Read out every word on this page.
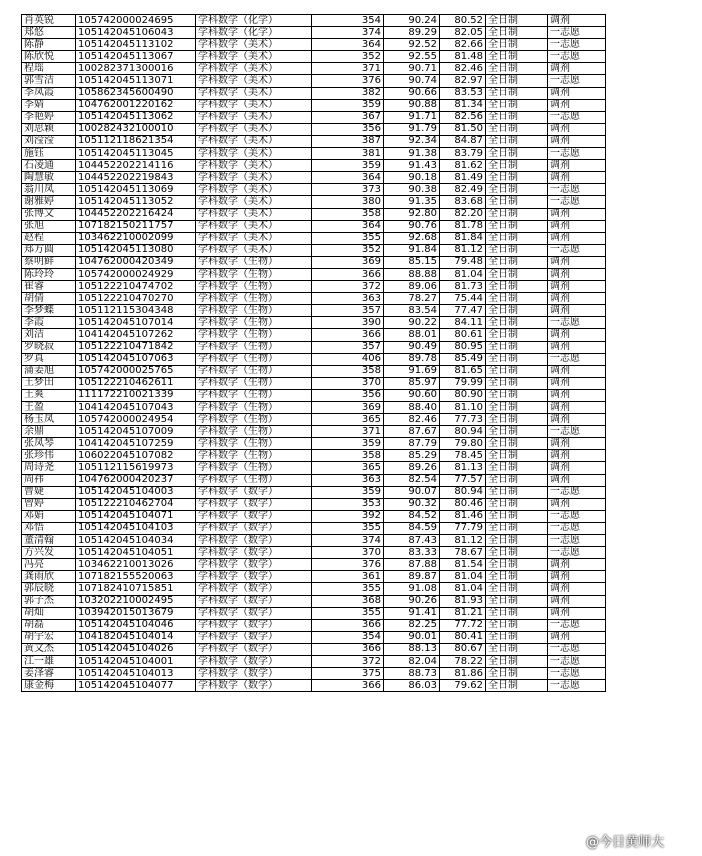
肖英锐	105742000024695	学科数学（化学）	354	90.24	80.52	全日制	调剂	
郑悠	105142045106043	学科数学（化学）	374	89.29	82.05	全日制	一志愿	
陈静	105142045113102	学科数学（美术）	364	92.52	82.66	全日制	一志愿	
陈欣悦	105142045113067	学科数学（美术）	352	92.55	81.48	全日制	一志愿	
程瑶	100282371300016	学科数学（美术）	371	90.71	82.46	全日制	调剂	
郭雪洁	105142045113071	学科数学（美术）	376	90.74	82.97	全日制	一志愿	
李凤霞	105862345600490	学科数学（美术）	382	90.66	83.53	全日制	调剂	
李婧	104762001220162	学科数学（美术）	359	90.88	81.34	全日制	调剂	
李艳婷	105142045113062	学科数学（美术）	367	91.71	82.56	全日制	一志愿	
刘思颖	100282432100010	学科数学（美术）	356	91.79	81.50	全日制	调剂	
刘滢滢	105112118621354	学科数学（美术）	387	92.34	84.87	全日制	调剂	
施钰	105142045113045	学科数学（美术）	381	91.38	83.79	全日制	一志愿	
石凌通	104452202214116	学科数学（美术）	359	91.43	81.62	全日制	调剂	
陶慧敏	104452202219843	学科数学（美术）	364	90.18	81.49	全日制	调剂	
翁川凤	105142045113069	学科数学（美术）	373	90.38	82.49	全日制	一志愿	
谢雅婷	105142045113052	学科数学（美术）	380	91.35	83.68	全日制	一志愿	
张博文	104452202216424	学科数学（美术）	358	92.80	82.20	全日制	调剂	
张旭	107182150211757	学科数学（美术）	364	90.76	81.78	全日制	调剂	
赵程	103462210002099	学科数学（美术）	355	92.68	81.84	全日制	调剂	
郑方圆	105142045113080	学科数学（美术）	352	91.84	81.12	全日制	一志愿	
蔡明鲜	104762000420349	学科数学（生物）	369	85.15	79.48	全日制	调剂	
陈玲玲	105742000024929	学科数学（生物）	366	88.88	81.04	全日制	调剂	
崔睿	105122210474702	学科数学（生物）	372	89.06	81.73	全日制	调剂	
胡倩	105122210470270	学科数学（生物）	363	78.27	75.44	全日制	调剂	
李梦蝶	105112115304348	学科数学（生物）	357	83.54	77.47	全日制	调剂	
李霞	105142045107014	学科数学（生物）	390	90.22	84.11	全日制	一志愿	
刘洁	104142045107262	学科数学（生物）	366	88.01	80.61	全日制	调剂	
罗晓菽	105122210471842	学科数学（生物）	357	90.49	80.95	全日制	调剂	
罗真	105142045107063	学科数学（生物）	406	89.78	85.49	全日制	一志愿	
蒲姜旭	105742000025765	学科数学（生物）	358	91.69	81.65	全日制	调剂	
王梦田	105122210462611	学科数学（生物）	370	85.97	79.99	全日制	调剂	
王爽	111172210021339	学科数学（生物）	356	90.60	80.90	全日制	调剂	
王盈	104142045107043	学科数学（生物）	369	88.40	81.10	全日制	调剂	
杨玉凤	105742000024954	学科数学（生物）	365	82.46	77.73	全日制	调剂	
余鼎	105142045107009	学科数学（生物）	371	87.67	80.94	全日制	一志愿	
张凤琴	104142045107259	学科数学（生物）	359	87.79	79.80	全日制	调剂	
张珍伟	106022045107082	学科数学（生物）	358	85.29	78.45	全日制	调剂	
周诗尧	105112115619973	学科数学（生物）	365	89.26	81.13	全日制	调剂	
周祎	104762000420237	学科数学（生物）	363	82.54	77.57	全日制	调剂	
曹婕	105142045104003	学科数学（数学）	359	90.07	80.94	全日制	一志愿	
曾婷	105122210462704	学科数学（数学）	353	90.32	80.46	全日制	调剂	
邓娟	105142045104071	学科数学（数学）	392	84.52	81.46	全日制	一志愿	
邓悟	105142045104103	学科数学（数学）	355	84.59	77.79	全日制	一志愿	
董清翰	105142045104034	学科数学（数学）	374	87.43	81.12	全日制	一志愿	
方兴发	105142045104051	学科数学（数学）	370	83.33	78.67	全日制	一志愿	
冯亮	103462210013026	学科数学（数学）	376	87.88	81.54	全日制	调剂	
龚雨欣	107182155520063	学科数学（数学）	361	89.87	81.04	全日制	调剂	
郭辰晓	107182410715851	学科数学（数学）	355	91.08	81.04	全日制	调剂	
郭子杰	103202210002495	学科数学（数学）	368	90.26	81.93	全日制	调剂	
胡灿	103942015013679	学科数学（数学）	355	91.41	81.21	全日制	调剂	
胡磊	105142045104046	学科数学（数学）	366	82.25	77.72	全日制	一志愿	
胡宇宏	104182045104014	学科数学（数学）	354	90.01	80.41	全日制	调剂	
黄文杰	105142045104026	学科数学（数学）	366	88.13	80.67	全日制	一志愿	
江一雄	105142045104001	学科数学（数学）	372	82.04	78.22	全日制	一志愿	
姜泽睿	105142045104013	学科数学（数学）	375	88.73	81.86	全日制	一志愿	
康金梅	105142045104077	学科数学（数学）	366	86.03	79.62	全日制	一志愿	
@今日黄师大
